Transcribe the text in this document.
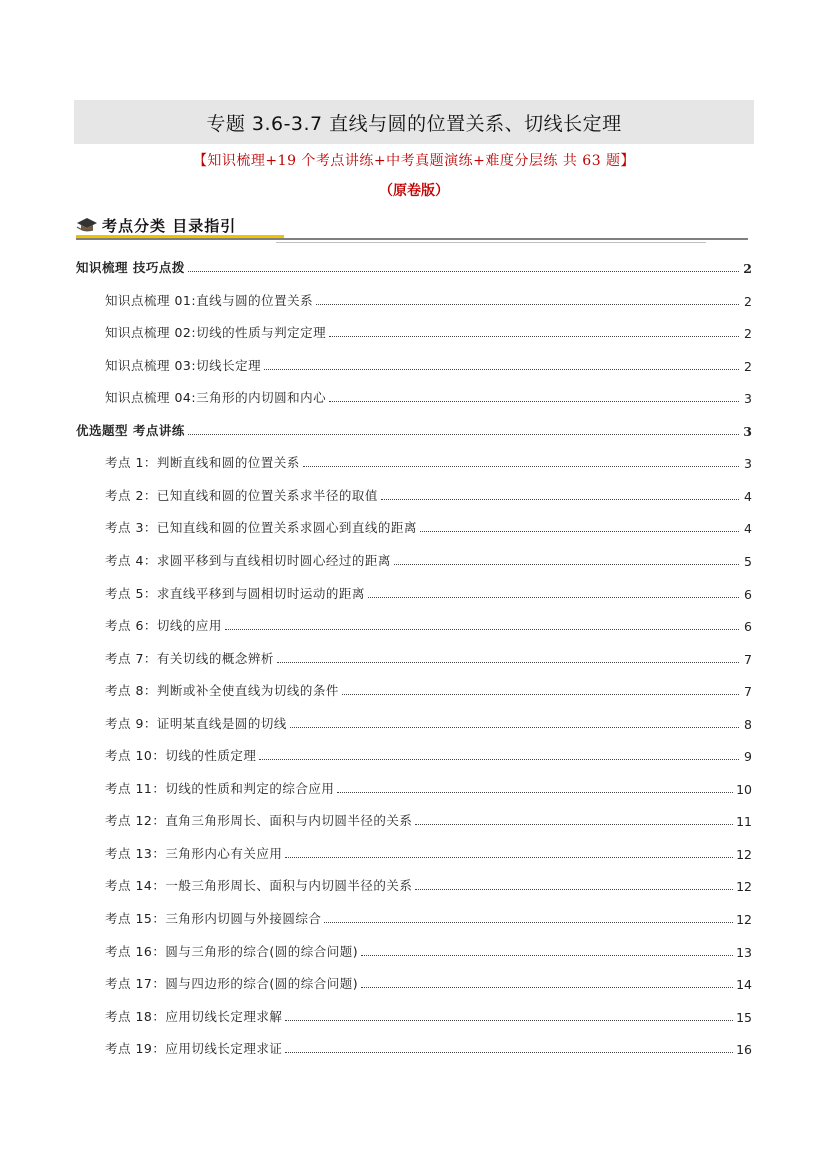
专题 3.6-3.7 直线与圆的位置关系、切线长定理
【知识梳理+19 个考点讲练+中考真题演练+难度分层练 共 63 题】
（原卷版）
考点分类 目录指引
知识梳理 技巧点拨	2
知识点梳理 01:直线与圆的位置关系	2
知识点梳理 02:切线的性质与判定定理	2
知识点梳理 03:切线长定理	2
知识点梳理 04:三角形的内切圆和内心	3
优选题型 考点讲练	3
考点 1：判断直线和圆的位置关系	3
考点 2：已知直线和圆的位置关系求半径的取值	4
考点 3：已知直线和圆的位置关系求圆心到直线的距离	4
考点 4：求圆平移到与直线相切时圆心经过的距离	5
考点 5：求直线平移到与圆相切时运动的距离	6
考点 6：切线的应用	6
考点 7：有关切线的概念辨析	7
考点 8：判断或补全使直线为切线的条件	7
考点 9：证明某直线是圆的切线	8
考点 10：切线的性质定理	9
考点 11：切线的性质和判定的综合应用	10
考点 12：直角三角形周长、面积与内切圆半径的关系	11
考点 13：三角形内心有关应用	12
考点 14：一般三角形周长、面积与内切圆半径的关系	12
考点 15：三角形内切圆与外接圆综合	12
考点 16：圆与三角形的综合(圆的综合问题)	13
考点 17：圆与四边形的综合(圆的综合问题)	14
考点 18：应用切线长定理求解	15
考点 19：应用切线长定理求证	16
